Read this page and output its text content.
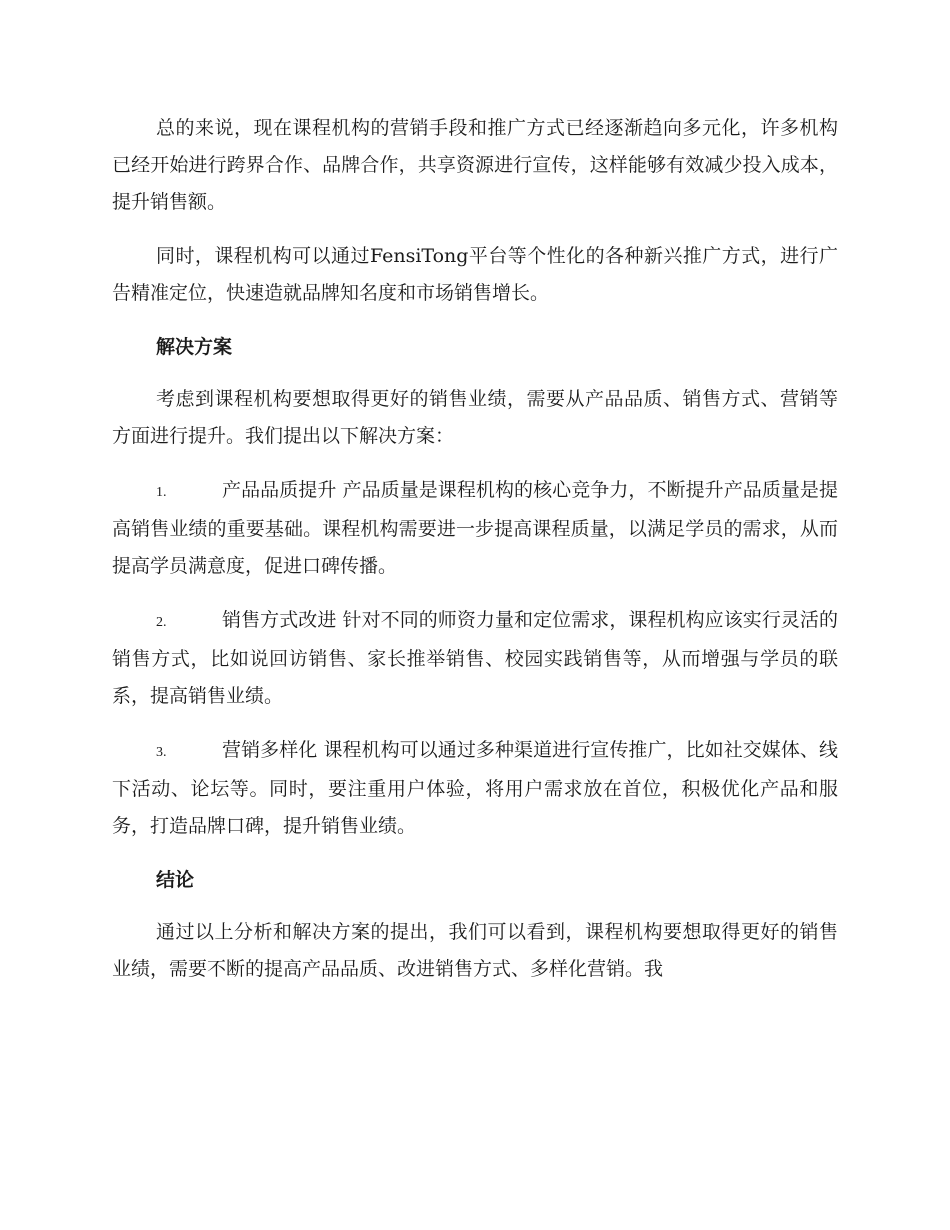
总的来说，现在课程机构的营销手段和推广方式已经逐渐趋向多元化，许多机构已经开始进行跨界合作、品牌合作，共享资源进行宣传，这样能够有效减少投入成本，提升销售额。

同时，课程机构可以通过FensiTong平台等个性化的各种新兴推广方式，进行广告精准定位，快速造就品牌知名度和市场销售增长。

解决方案

考虑到课程机构要想取得更好的销售业绩，需要从产品品质、销售方式、营销等方面进行提升。我们提出以下解决方案：

1.	产品品质提升 产品质量是课程机构的核心竞争力，不断提升产品质量是提高销售业绩的重要基础。课程机构需要进一步提高课程质量，以满足学员的需求，从而提高学员满意度，促进口碑传播。

2.	销售方式改进 针对不同的师资力量和定位需求，课程机构应该实行灵活的销售方式，比如说回访销售、家长推举销售、校园实践销售等，从而增强与学员的联系，提高销售业绩。

3.	营销多样化 课程机构可以通过多种渠道进行宣传推广，比如社交媒体、线下活动、论坛等。同时，要注重用户体验，将用户需求放在首位，积极优化产品和服务，打造品牌口碑，提升销售业绩。

结论

通过以上分析和解决方案的提出，我们可以看到，课程机构要想取得更好的销售业绩，需要不断的提高产品品质、改进销售方式、多样化营销。我
